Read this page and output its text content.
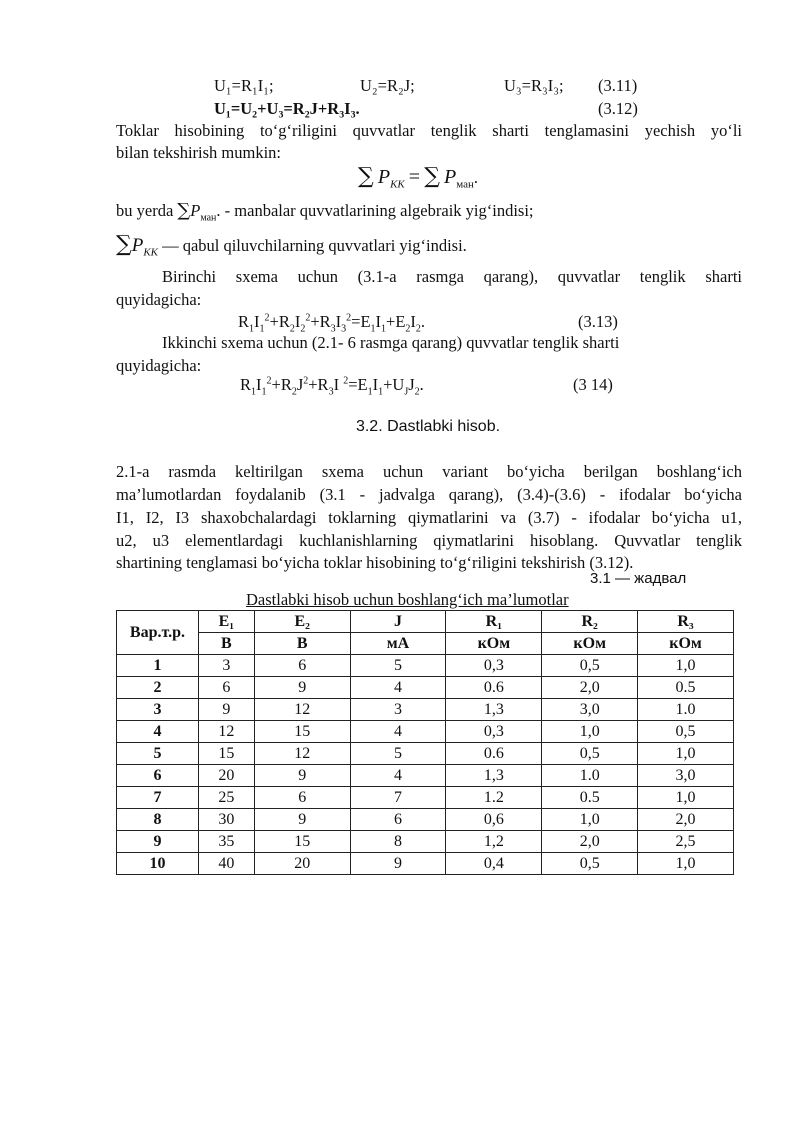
U₁=R₁I₁;	U₂=R₂J;	U₃=R₃I₃; (3.11)
U₁=U₂+U₃=R₂J+R₃I₃.	(3.12)
Toklar hisobining to‘g‘riligini quvvatlar tenglik sharti tenglamasini yechish yo‘li
bilan tekshirish mumkin:
∑ $P_{КК}$ = ∑ $P_{ман}$.
bu yerda $\sum P_{ман}$. - manbalar quvvatlarining algebraik yig‘indisi;
$\sum P_{КК}$ — qabul qiluvchilarning quvvatlari yig‘indisi.
Birinchi sxema uchun (3.1-a rasmga qarang), quvvatlar tenglik sharti
quyidagicha:
$R_1I_1^2+R_2I_2^2+R_3I_3^2=E_1I_1+E_2I_2$.	(3.13)
Ikkinchi sxema uchun (2.1- 6 rasmga qarang) quvvatlar tenglik sharti
quyidagicha:
$R_1I_1^2+R_2J^2+R_3I$ $^2=E_1I_1+U_JJ_2$.	(3 14)
3.2. Dastlabki hisob.
2.1-a rasmda keltirilgan sxema uchun variant bo‘yicha berilgan boshlang‘ich
ma’lumotlardan foydalanib (3.1 - jadvalga qarang), (3.4)-(3.6) - ifodalar bo‘yicha
I1, I2, I3 shaxobchalardagi toklarning qiymatlarini va (3.7) - ifodalar bo‘yicha u1,
u2, u3 elementlardagi kuchlanishlarning qiymatlarini hisoblang. Quvvatlar tenglik
shartining tenglamasi bo‘yicha toklar hisobining to‘g‘riligini tekshirish (3.12).
3.1 — жадвал
Dastlabki hisob uchun boshlang‘ich ma’lumotlar
Вар.т.р.	E₁	E₂	J	R₁	R₂	R₃
	В	В	мА	кОм	кОм	кОм
1	3	6	5	0,3	0,5	1,0
2	6	9	4	0.6	2,0	0.5
3	9	12	3	1,3	3,0	1.0
4	12	15	4	0,3	1,0	0,5
5	15	12	5	0.6	0,5	1,0
6	20	9	4	1,3	1.0	3,0
7	25	6	7	1.2	0.5	1,0
8	30	9	6	0,6	1,0	2,0
9	35	15	8	1,2	2,0	2,5
10	40	20	9	0,4	0,5	1,0
